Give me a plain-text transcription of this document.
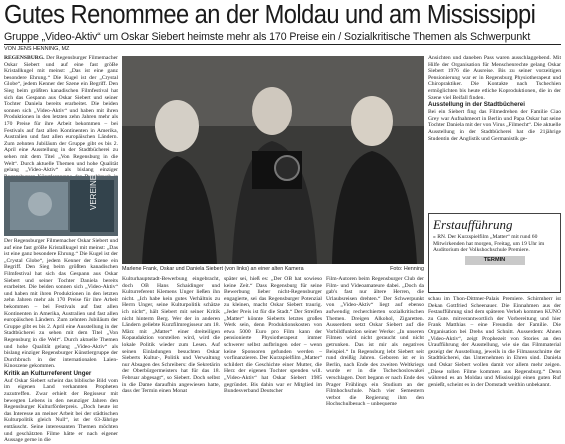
Gutes Renommee an der Moldau und am Mississippi
Gruppe „Video-Aktiv“ um Oskar Siebert heimste mehr als 170 Preise ein / Sozialkritische Themen als Schwerpunkt
VON JENS HENNING, MZ

REGENSBURG. Der Regensburger Filmemacher Oskar Siebert und auf eine fast gröBe Kristallkugel mit meinst: „Das ist eine ganz besondere Ehrung.“ Die Kugel ist der „Crystal Globe“, jedem Kenner der Szene ein Begriff. Den Sieg beim größten kanadischen Filmfestival hat sich das Gespann aus Oskar Siebert und seiner Tochter Daniela bereits erarbeitet. Die beiden sonnen sich „Video-Aktiv“ und haben mit ihren Produktionen in den letzten zehn Jahren mehr als 170 Preise für ihre Arbeit bekommen – bei Festivals auf fast allen Kontinenten in Amerika, Australien und fast allen europäischen Ländern. Zum zehnten Jubiläum der Gruppe gibt es bis 2. April eine Ausstellung in der Stadtbücherei zu sehen mit dem Titel „Von Regensburg in die Welt“. Durch aktuelle Themen und hohe Qualität gelang „Video-Aktiv“ als bislang einziger

VEREINE

Der Regensburger Filmemacher Oskar Siebert und auf eine fast gröBe Kristallkugel mit meinst: „Das ist eine ganz besondere Ehrung.“ Die Kugel ist der „Crystal Globe“, jedem Kenner der Szene ein Begriff. Den Sieg beim größten kanadischen Filmfestival hat sich das Gespann aus Oskar Siebert und seiner Tochter Daniela bereits erarbeitet. Die beiden sonnen sich „Video-Aktiv“ und haben mit ihren Produktionen in den letzten zehn Jahren mehr als 170 Preise für ihre Arbeit bekommen – bei Festivals auf fast allen Kontinenten in Amerika, Australien und fast allen europäischen Ländern. Zum zehnten Jubiläum der Gruppe gibt es bis 2. April eine Ausstellung in der Stadtbücherei zu sehen mit dem Titel „Von Regensburg in die Welt“. Durch aktuelle Themen und hohe Qualität gelang „Video-Aktiv“ als bislang einziger Regensburger Künstlergruppe der Durchbruch in der internationalen Laien-Kinoszene gekommen.

Kritik an Kulturreferent Unger

Auf Oskar Siebert scheint das biblische Bild vom im eigenen Land verkannten Propheten zuzutreffen. Zwar erhielt der Regisseur mit bewegten Lebens in den neunziger Jahren den Regensburger Kulturförderpreis. „Doch heute ist das Interesse an meiner Arbeit bei der städtischen Kulturpolitik gleich Null“, ist der 63-Jährige enttäuscht. Seine interessanten Themen möchten und geschätzten Filme hätte er nach eigener Aussage gerne in die

Marlene Frank, Oskar und Daniela Siebert (von links) an einer alten Kamera	Foto: Henning

Kulturhauptstadt-Bewerbung eingebracht, doch OB Hans Schaidinger und Kulturreferent Klemens Unger ließen ihn nicht. „Ich habe kein gutes Verhältnis zu Herrn Unger, seine Kulturpolitik schätze ich nicht“, hält Siebert mit seiner Kritik nicht hinterm Berg. Wer der in anderen Ländern geliebte Kurzfilmregisseur am 18. März mit „Matter“ einer dreiteiligen Kopaudaktion vorstellen wird, wird die lokale Politik wieder zum Lesen. Auf seinen Einladungen besuchten Oskar Sieberts Kultur-, Politik und Verwaltung nur Absagen des Schreibers: die Sekretärin der Oberbürgermeisters hat für das 18. Februar abgesagt“, so Siebert. Doch selbst in die Dame daraufhin angewiesen hatte, dass der Termin einen Monat

später sei, hieß es: „Der OB hat sowieso keine Zeit.“ Dass Regensburg für seine Bewerbung lieber nicht-Regensburger engagierte, sei das Regensburger Potenzial zu kleinen, macht Oskar Siebert traurig. „Jeder Preis ist für die Stadt.“ Der Streifen „Matter“ könnte Sieberts letztes großes Werk sein, denn Produktionskosten von etwa 5000 Euro pro Film kann der pensionierte Physiotherapeut immer schwerer selbst aufbringen oder – wenn keine Sponsoren gefunden werden – vorfinanzieren. Der Kurzspielfilm „Matter“ schildert die Geschichte einer Mutter, die Herz der eigenen Tochter spenden will. „Video-Aktiv“ hat Oskar Siebert 1985 gegründet. Bis dahin war er Mitglied im Bundesverband Deutscher

Film-Autoren beim Regensburger Club der Film- und Videoamateure dabei. „Doch da gab's fast nur ältere Herren, die Urlaubsreisen drehten.“ Der Schwerpunkt von „Video-Aktiv“ liegt auf ebenso aufwendig recherchierten sozialkritischen Themen. Dreigen Alkohol, Zigaretten. Ausserdem setzt Oskar Siebert auf die Vorbildfunktion seiner Werke: „In unseren Filmen wird nicht geraucht und nicht getrunken. Das ist mir als negatives Beispiel.“ In Regensburg lebt Siebert seit rund dreißig Jahren. Geboren ist er in Berlin, nach Ende des zweiten Weltkriegs wurde er in die Tschechoslowakei verschlagen. Dort begann er nach Ende des Prager Frühlings ein Studium an der Filmhochschule. Nach vier Semestern verbot die Regierung ihm den Hochschulbesuch – unbequeme

Ansichten und daneben Pass waren ausschlaggebend. Mit Hilfe der Organisation für Menschenrechte gelang Oskar Siebert 1976 die Ausreise. Bis zu seiner vorzeitigen Pensionierung war er in Regensburg Physiotherapeut und Chiropraktiker. Die Kontakte nach Tschechien ermöglichten bis heute etliche Koproduktionen, die in der Szene viel Beifall finden.

Ausstellung in der Stadtbücherei

Bei ein Siebert fing das Filmedrehen der Familie Ciao Grey war Aufnahmeort in Berlin und Papa Oskar hat seine Tochter Daniela mit der von Virus „Filmecht“. Die aktuelle Ausstellung in der Stadtbücherei hat die 21jährige Studentin der Anglistik und Germanistik ge-

Erstaufführung
» RN. Der Kurzspielfilm „Matter“ mit rund 60 Mitwirkenden hat morgen, Freitag, um 19 Uhr im Auditorium der Volkshochschule Premiere.
TERMIN

schau im Thon-Dittmer-Palais Premiere. Schirmherr ist Dekan Gottfried Scheenauer. Die Einnahmen aus der Festaufführung sind dem späteren Verkeh kommen KUNO zu Gute. mitverantwortlich der Vorbereitung und hier Frank Matthias – eine Freundin der Familie. Die Organisation bei Drehs und Schnitt. Ausserdem: Ahnen „Video-Aktiv“, zeigt Prophezeit von Stories an den Uraufführung der Ausstellung, wie sie das Filmmaterial gezeigt der Ausstellung, jeweils in die Filmausschnitte der Stadtbücherei, das Unternehmen in Ehren sind. Daniela und Oskar Siebert wollen damit vor allem mehr zeigen. „Diese tollen Filme kommen aus Regensburg.“ Denn während es an Moldau und Mississippi einen guten Ruf genießt, scheint es in der Domstadt weithin unbekannt.
